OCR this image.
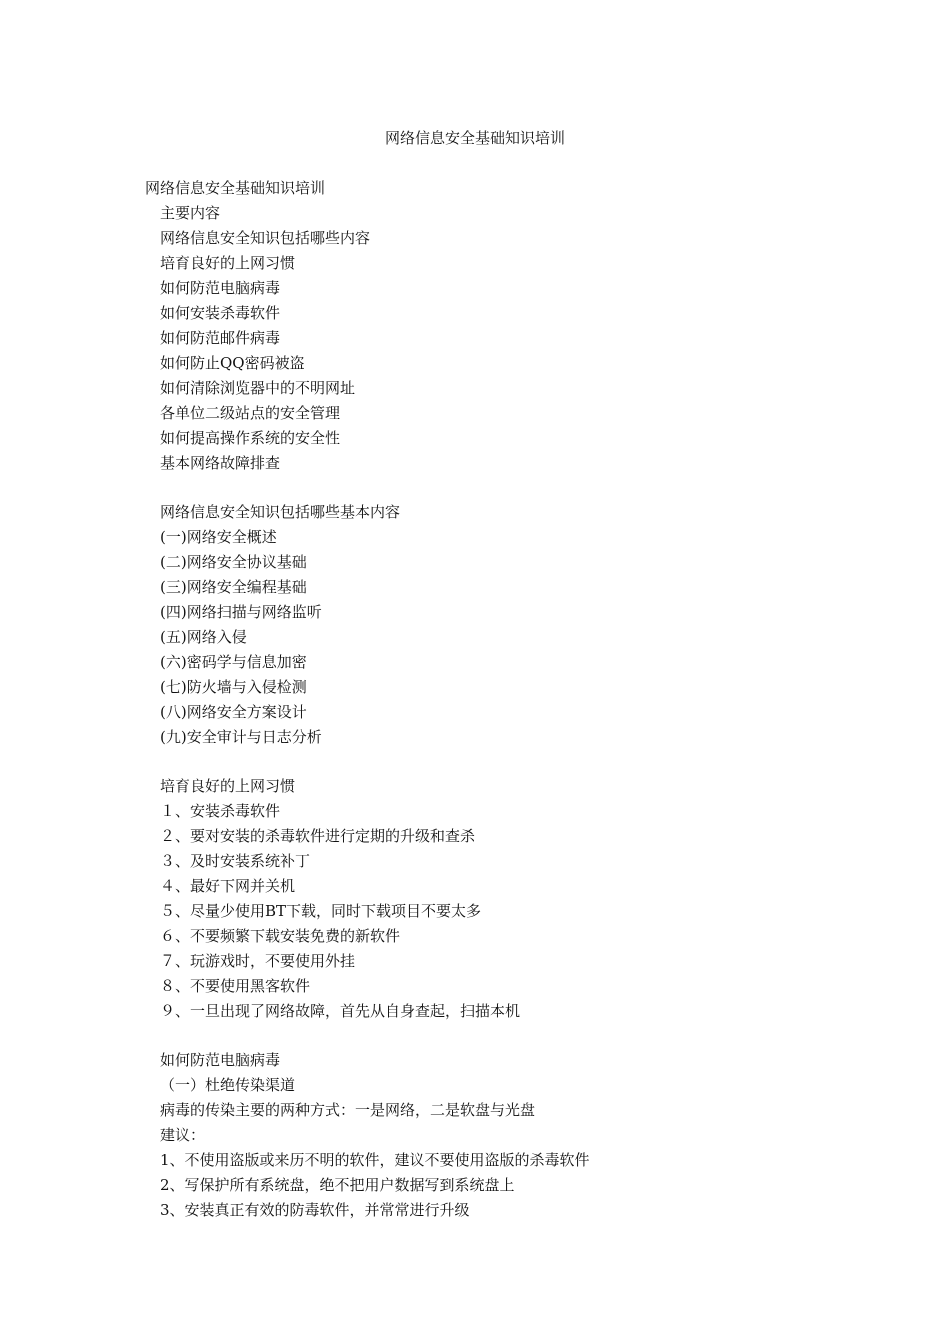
网络信息安全基础知识培训
网络信息安全基础知识培训
主要内容
网络信息安全知识包括哪些内容
培育良好的上网习惯
如何防范电脑病毒
如何安装杀毒软件
如何防范邮件病毒
如何防止QQ密码被盗
如何清除浏览器中的不明网址
各单位二级站点的安全管理
如何提高操作系统的安全性
基本网络故障排查
网络信息安全知识包括哪些基本内容
(一)网络安全概述
(二)网络安全协议基础
(三)网络安全编程基础
(四)网络扫描与网络监听
(五)网络入侵
(六)密码学与信息加密
(七)防火墙与入侵检测
(八)网络安全方案设计
(九)安全审计与日志分析
培育良好的上网习惯
１、安装杀毒软件
２、要对安装的杀毒软件进行定期的升级和查杀
３、及时安装系统补丁
４、最好下网并关机
５、尽量少使用BT下载，同时下载项目不要太多
６、不要频繁下载安装免费的新软件
７、玩游戏时，不要使用外挂
８、不要使用黑客软件
９、一旦出现了网络故障，首先从自身查起，扫描本机
如何防范电脑病毒
（一）杜绝传染渠道
病毒的传染主要的两种方式：一是网络，二是软盘与光盘
建议：
1、不使用盗版或来历不明的软件，建议不要使用盗版的杀毒软件
2、写保护所有系统盘，绝不把用户数据写到系统盘上
3、安装真正有效的防毒软件，并常常进行升级
